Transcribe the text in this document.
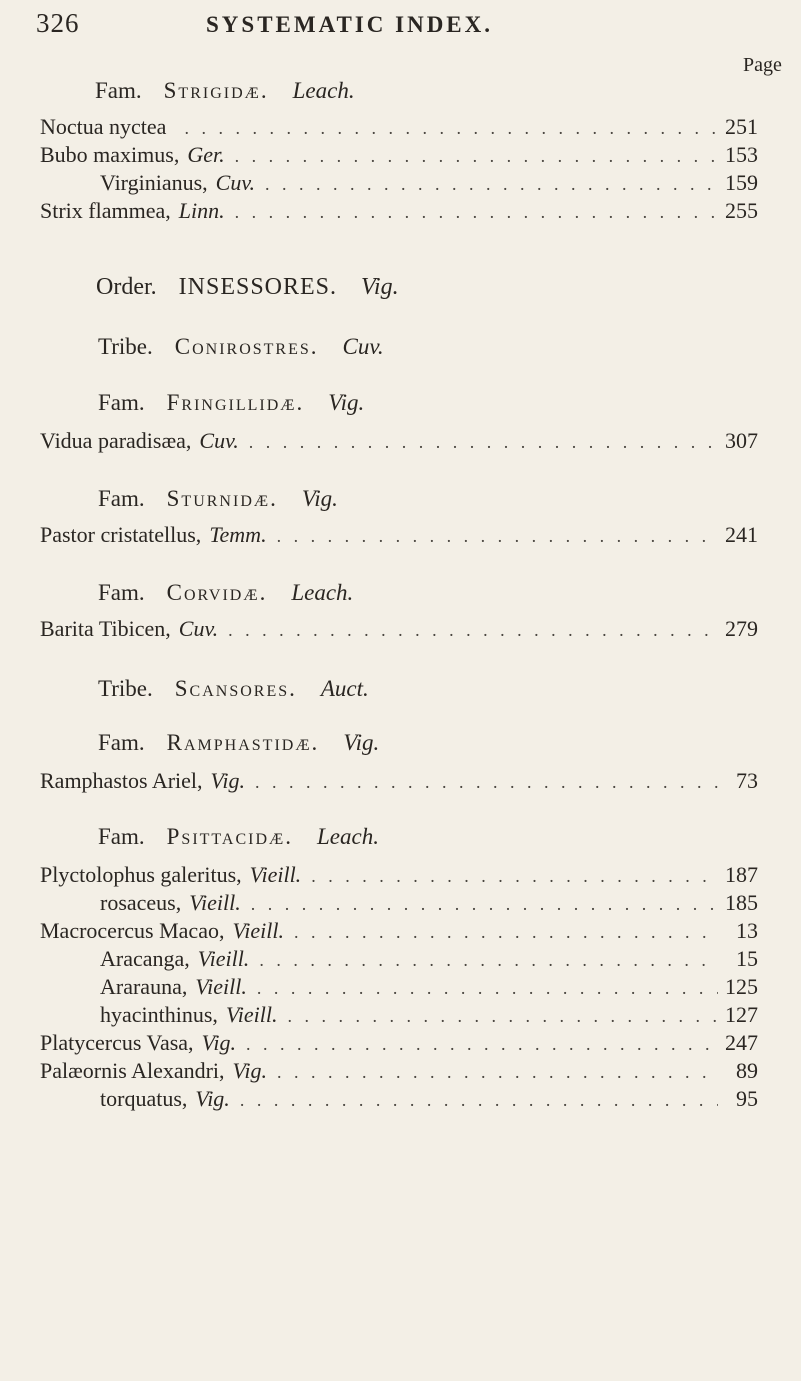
326	SYSTEMATIC INDEX.
Page
Fam. Strigidæ. Leach.
Noctua nyctea . . .	251
Bubo maximus, Ger. . . .	153
Virginianus, Cuv. . . .	159
Strix flammea, Linn. . . .	255
Order. INSESSORES. Vig.
Tribe. Conirostres. Cuv.
Fam. Fringillidæ. Vig.
Vidua paradisæa, Cuv. . . .	307
Fam. Sturnidæ. Vig.
Pastor cristatellus, Temm. . . .	241
Fam. Corvidæ. Leach.
Barita Tibicen, Cuv. . . .	279
Tribe. Scansores. Auct.
Fam. Ramphastidæ. Vig.
Ramphastos Ariel, Vig. . . .	73
Fam. Psittacidæ. Leach.
Plyctolophus galeritus, Vieill. . . .	187
rosaceus, Vieill. . . .	185
Macrocercus Macao, Vieill. . . .	13
Aracanga, Vieill. . . .	15
Ararauna, Vieill. . . .	125
hyacinthinus, Vieill. . . .	127
Platycercus Vasa, Vig. . . .	247
Palæornis Alexandri, Vig. . . .	89
torquatus, Vig. . . .	95
